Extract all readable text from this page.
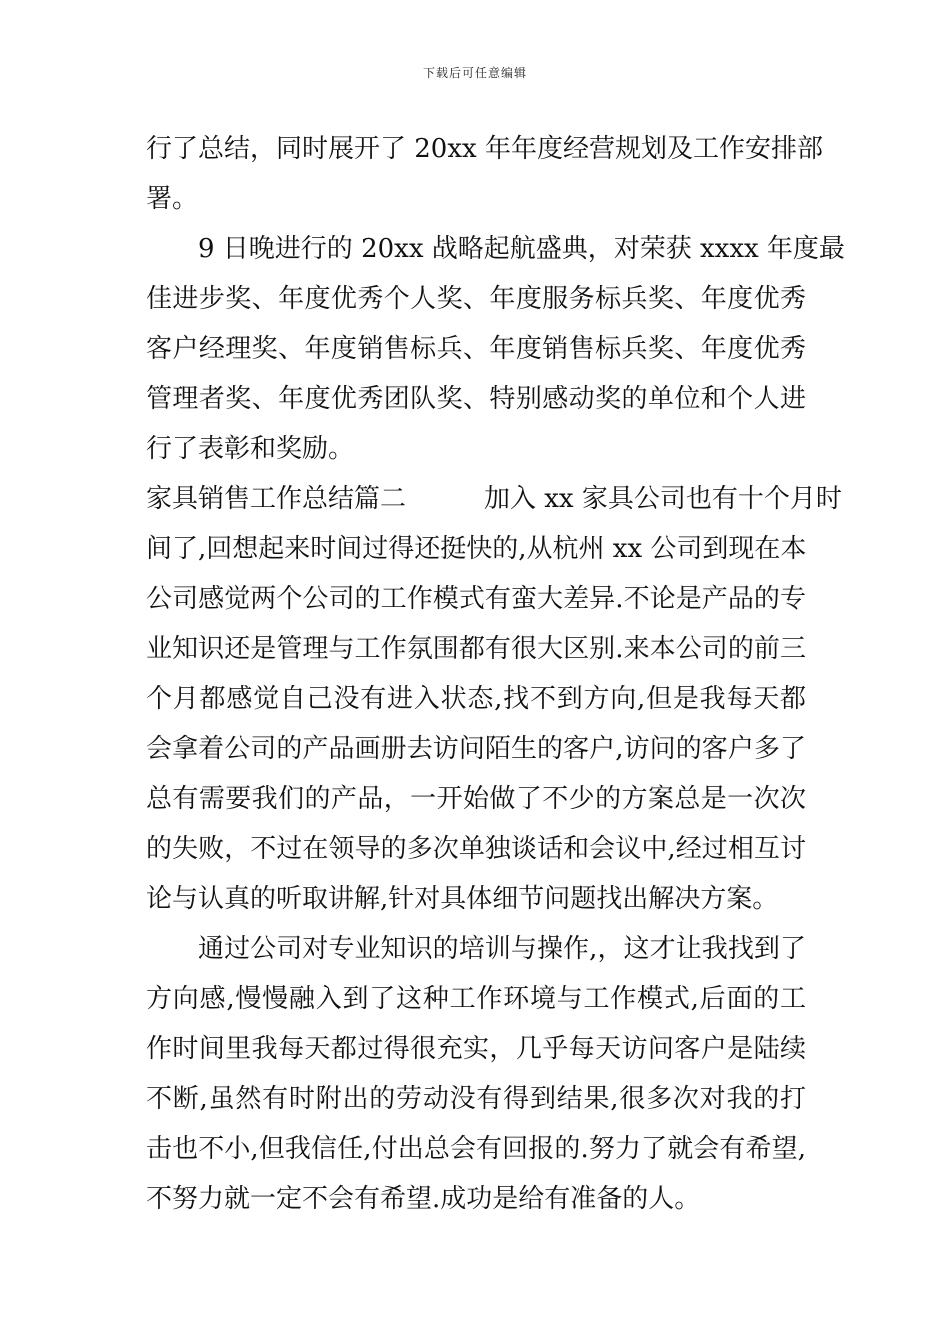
下载后可任意编辑
行了总结，同时展开了 20xx 年年度经营规划及工作安排部
署。
9 日晚进行的 20xx 战略起航盛典，对荣获 xxxx 年度最
佳进步奖、年度优秀个人奖、年度服务标兵奖、年度优秀
客户经理奖、年度销售标兵、年度销售标兵奖、年度优秀
管理者奖、年度优秀团队奖、特别感动奖的单位和个人进
行了表彰和奖励。
家具销售工作总结篇二　　　加入 xx 家具公司也有十个月时
间了,回想起来时间过得还挺快的,从杭州 xx 公司到现在本
公司感觉两个公司的工作模式有蛮大差异.不论是产品的专
业知识还是管理与工作氛围都有很大区别.来本公司的前三
个月都感觉自己没有进入状态,找不到方向,但是我每天都
会拿着公司的产品画册去访问陌生的客户,访问的客户多了
总有需要我们的产品，一开始做了不少的方案总是一次次
的失败，不过在领导的多次单独谈话和会议中,经过相互讨
论与认真的听取讲解,针对具体细节问题找出解决方案。
通过公司对专业知识的培训与操作,，这才让我找到了
方向感,慢慢融入到了这种工作环境与工作模式,后面的工
作时间里我每天都过得很充实，几乎每天访问客户是陆续
不断,虽然有时附出的劳动没有得到结果,很多次对我的打
击也不小,但我信任,付出总会有回报的.努力了就会有希望,
不努力就一定不会有希望.成功是给有准备的人。
